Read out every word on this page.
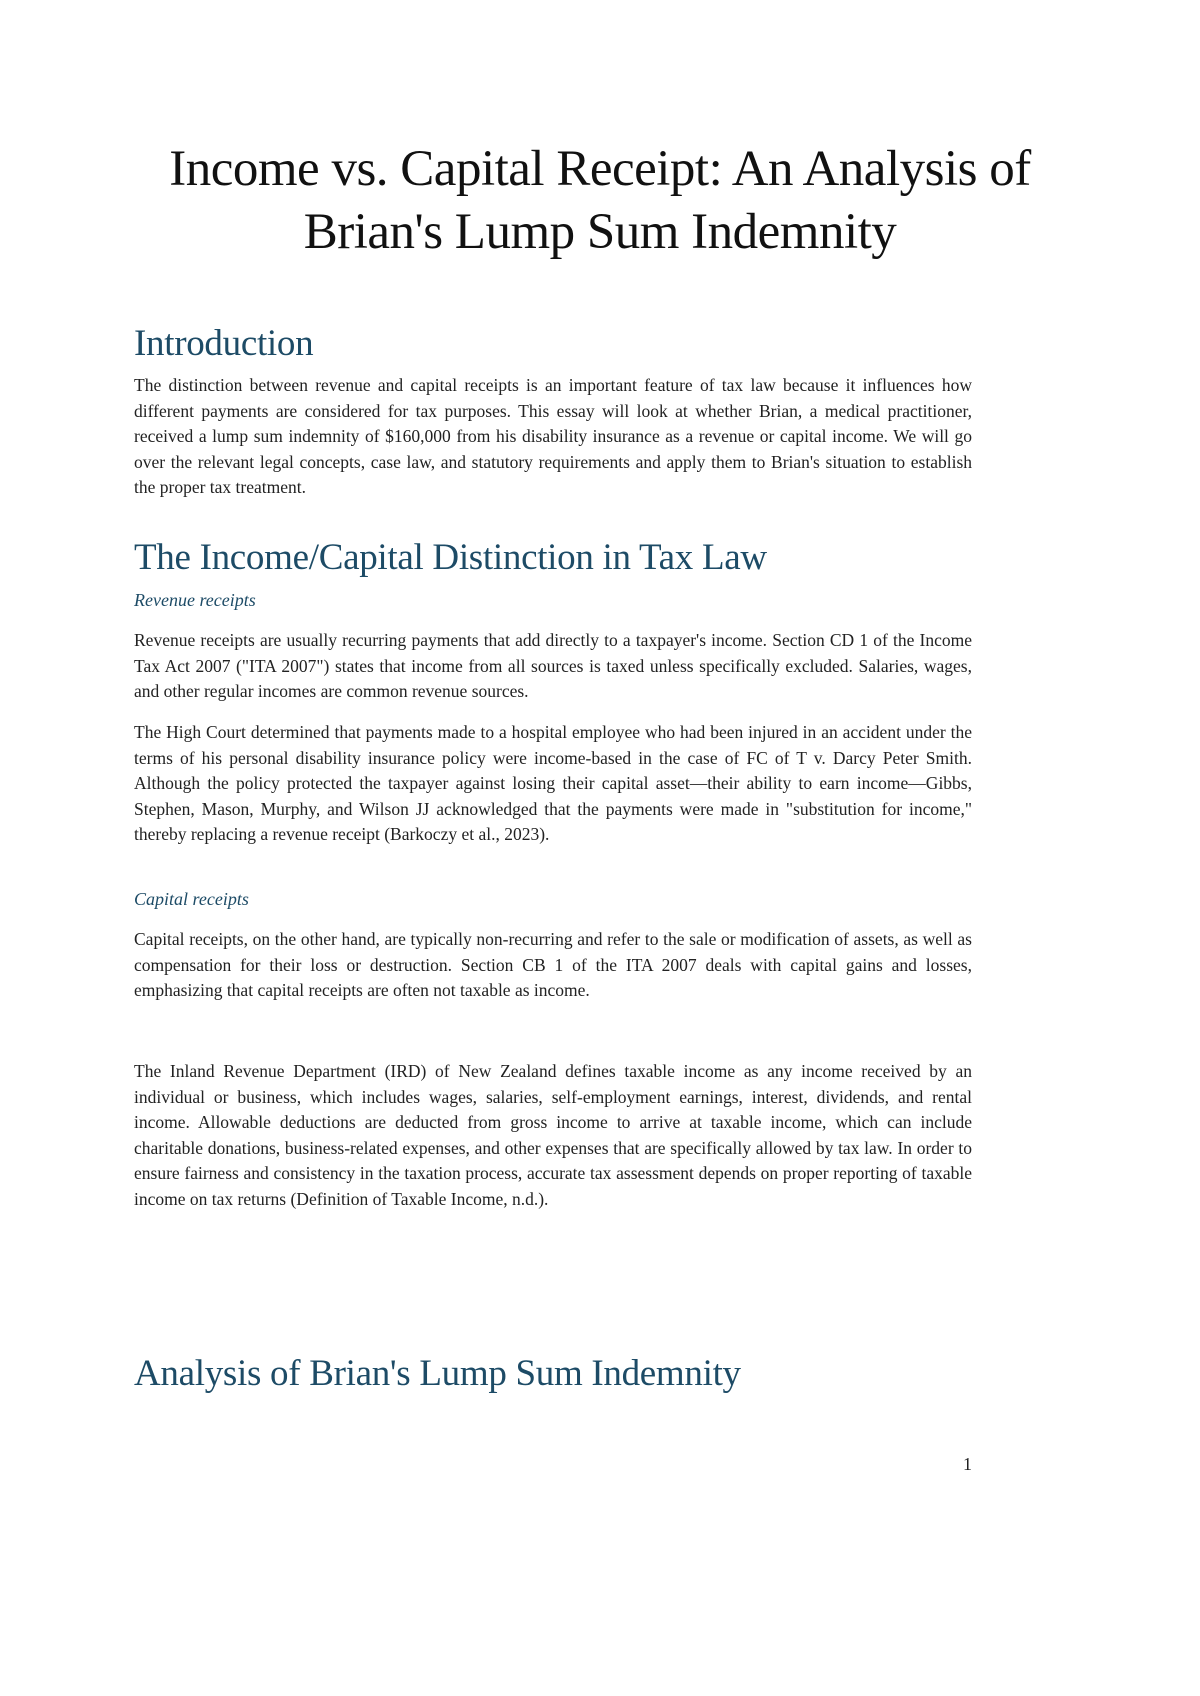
Income vs. Capital Receipt: An Analysis of Brian's Lump Sum Indemnity
Introduction

The distinction between revenue and capital receipts is an important feature of tax law because it influences how different payments are considered for tax purposes. This essay will look at whether Brian, a medical practitioner, received a lump sum indemnity of $160,000 from his disability insurance as a revenue or capital income. We will go over the relevant legal concepts, case law, and statutory requirements and apply them to Brian's situation to establish the proper tax treatment.

The Income/Capital Distinction in Tax Law
Revenue receipts

Revenue receipts are usually recurring payments that add directly to a taxpayer's income. Section CD 1 of the Income Tax Act 2007 ("ITA 2007") states that income from all sources is taxed unless specifically excluded. Salaries, wages, and other regular incomes are common revenue sources.

The High Court determined that payments made to a hospital employee who had been injured in an accident under the terms of his personal disability insurance policy were income-based in the case of FC of T v. Darcy Peter Smith. Although the policy protected the taxpayer against losing their capital asset—their ability to earn income—Gibbs, Stephen, Mason, Murphy, and Wilson JJ acknowledged that the payments were made in "substitution for income," thereby replacing a revenue receipt (Barkoczy et al., 2023).

Capital receipts

Capital receipts, on the other hand, are typically non-recurring and refer to the sale or modification of assets, as well as compensation for their loss or destruction. Section CB 1 of the ITA 2007 deals with capital gains and losses, emphasizing that capital receipts are often not taxable as income.

The Inland Revenue Department (IRD) of New Zealand defines taxable income as any income received by an individual or business, which includes wages, salaries, self-employment earnings, interest, dividends, and rental income. Allowable deductions are deducted from gross income to arrive at taxable income, which can include charitable donations, business-related expenses, and other expenses that are specifically allowed by tax law. In order to ensure fairness and consistency in the taxation process, accurate tax assessment depends on proper reporting of taxable income on tax returns (Definition of Taxable Income, n.d.).

Analysis of Brian's Lump Sum Indemnity
1
